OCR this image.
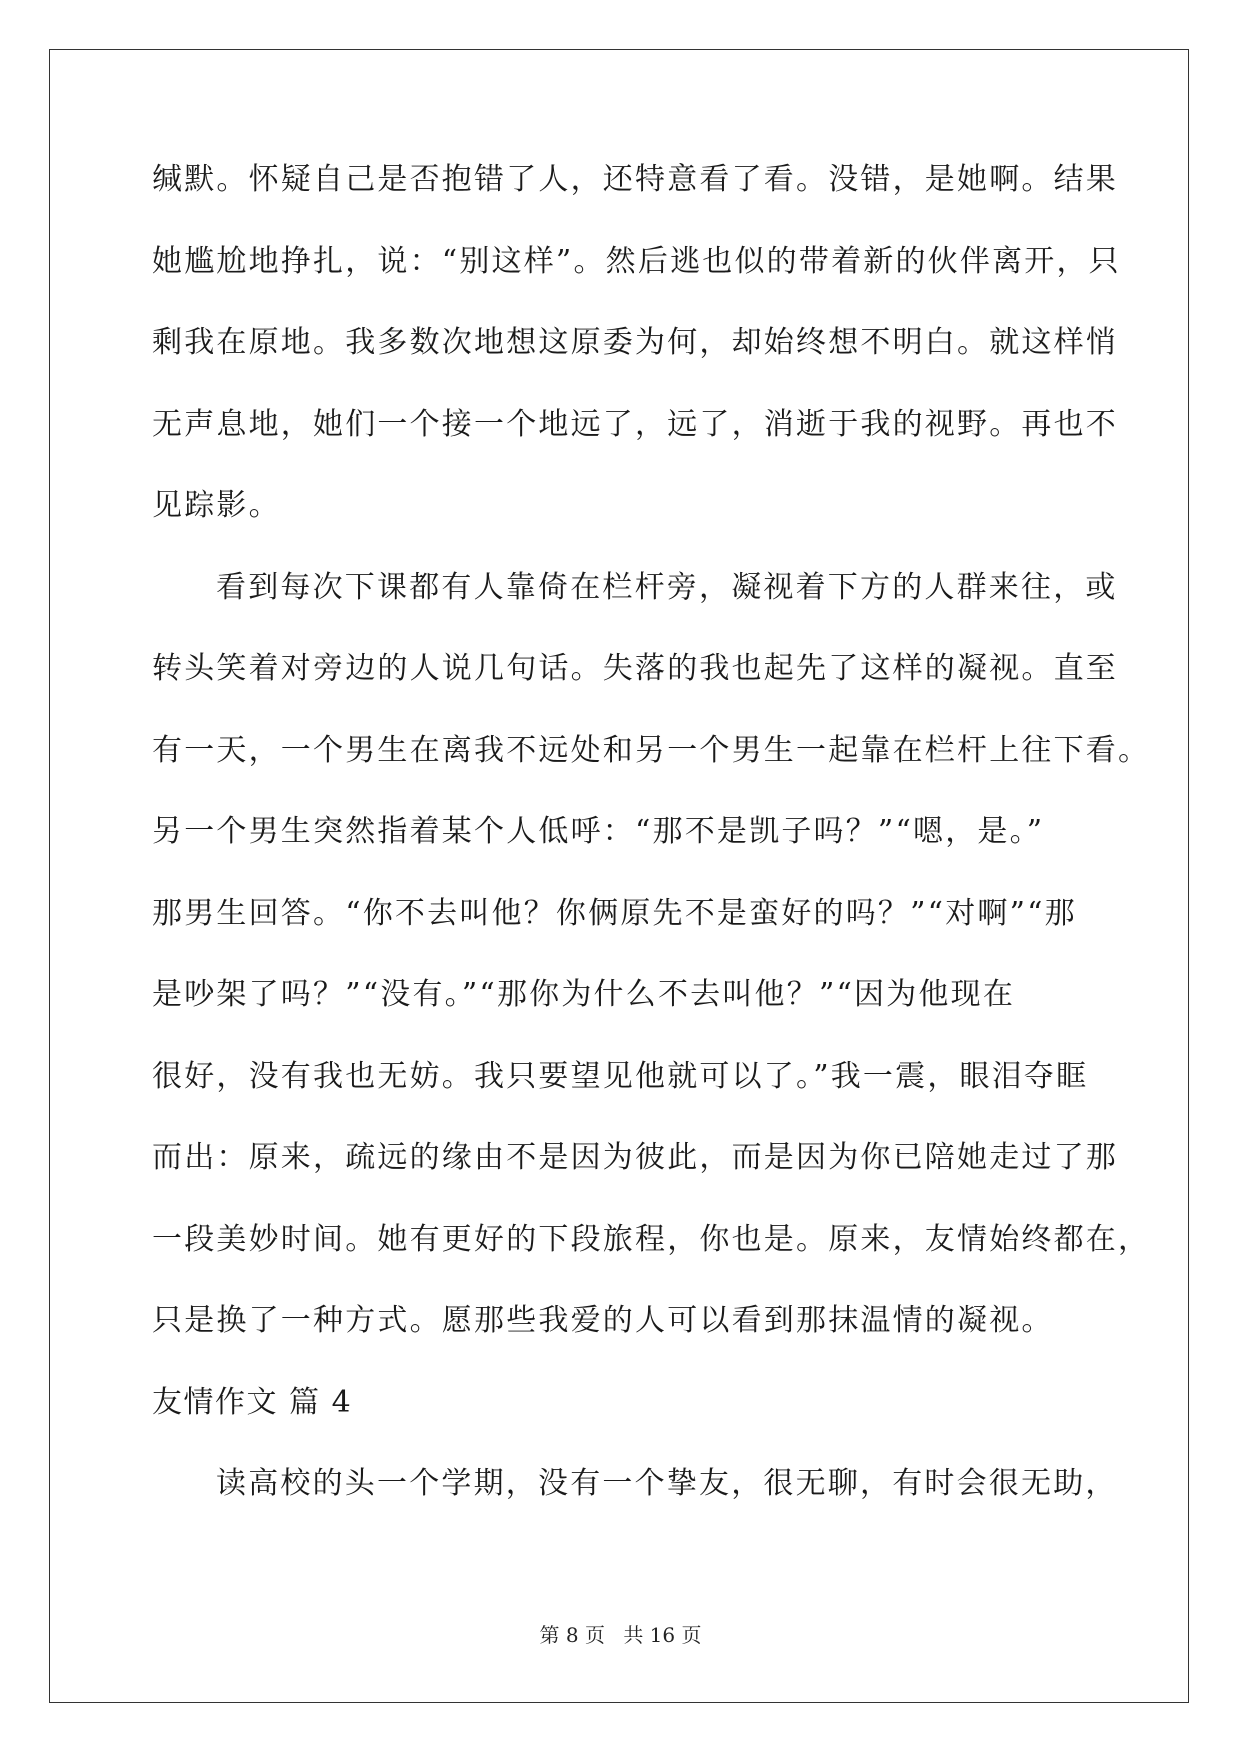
缄默。怀疑自己是否抱错了人，还特意看了看。没错，是她啊。结果
她尴尬地挣扎，说：“别这样”。然后逃也似的带着新的伙伴离开，只
剩我在原地。我多数次地想这原委为何，却始终想不明白。就这样悄
无声息地，她们一个接一个地远了，远了，消逝于我的视野。再也不
见踪影。
看到每次下课都有人靠倚在栏杆旁，凝视着下方的人群来往，或
转头笑着对旁边的人说几句话。失落的我也起先了这样的凝视。直至
有一天，一个男生在离我不远处和另一个男生一起靠在栏杆上往下看。
另一个男生突然指着某个人低呼：“那不是凯子吗？”“嗯，是。”
那男生回答。“你不去叫他？你俩原先不是蛮好的吗？”“对啊”“那
是吵架了吗？”“没有。”“那你为什么不去叫他？”“因为他现在
很好，没有我也无妨。我只要望见他就可以了。”我一震，眼泪夺眶
而出：原来，疏远的缘由不是因为彼此，而是因为你已陪她走过了那
一段美妙时间。她有更好的下段旅程，你也是。原来，友情始终都在，
只是换了一种方式。愿那些我爱的人可以看到那抹温情的凝视。
友情作文 篇 4
读高校的头一个学期，没有一个挚友，很无聊，有时会很无助，
第 8 页 共 16 页
